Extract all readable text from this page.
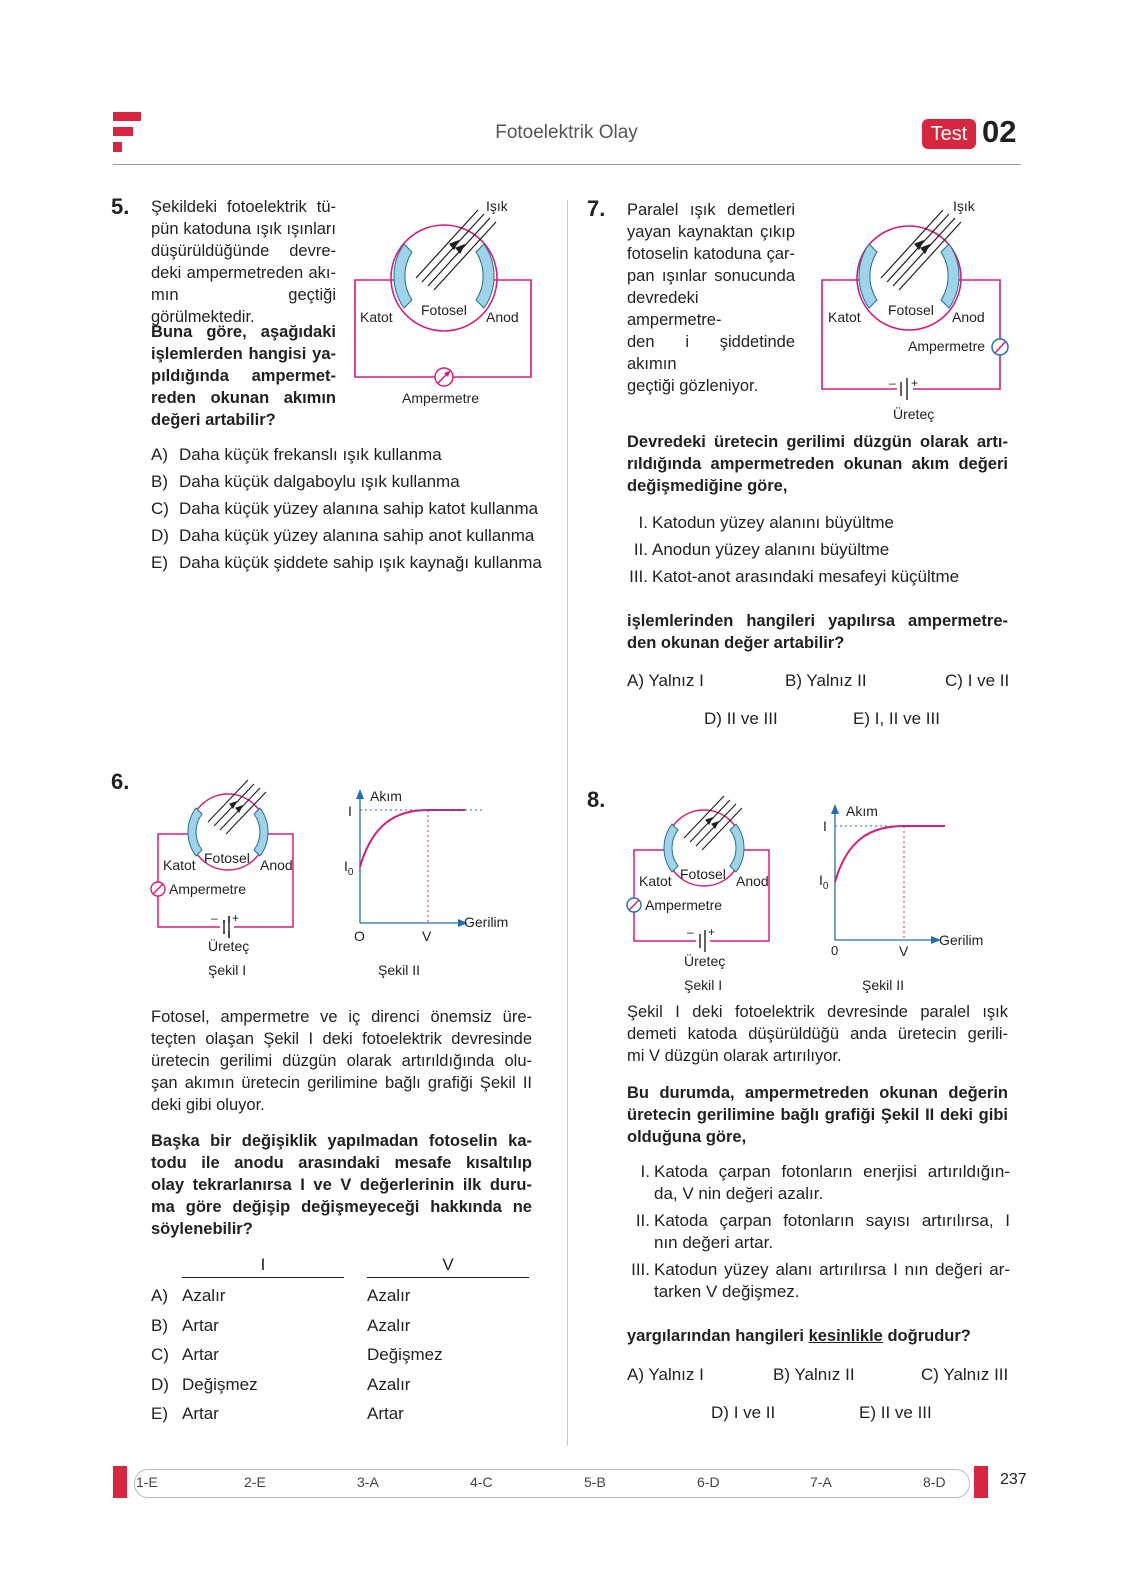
Fotoelektrik Olay	Test 02
5. Şekildeki fotoelektrik tü-
pün katoduna ışık ışınları
düşürüldüğünde devre-
deki ampermetreden akı-
mın geçtiği görülmektedir.
Buna göre, aşağıdaki
işlemlerden hangisi ya-
pıldığında ampermet-
reden okunan akımın
değeri artabilir?
Işık
Katot Fotosel Anod
Ampermetre
A) Daha küçük frekanslı ışık kullanma
B) Daha küçük dalgaboylu ışık kullanma
C) Daha küçük yüzey alanına sahip katot kullanma
D) Daha küçük yüzey alanına sahip anot kullanma
E) Daha küçük şiddete sahip ışık kaynağı kullanma
6.
Katot Fotosel Anod
Ampermetre
– +
Üreteç
Şekil I
Akım
Gerilim
I
$I_0$
O	V
Şekil II
Fotosel, ampermetre ve iç direnci önemsiz üre-
teçten olaşan Şekil I deki fotoelektrik devresinde
üretecin gerilimi düzgün olarak artırıldığında olu-
şan akımın üretecin gerilimine bağlı grafiği Şekil II
deki gibi oluyor.
Başka bir değişiklik yapılmadan fotoselin ka-
todu ile anodu arasındaki mesafe kısaltılıp
olay tekrarlanırsa I ve V değerlerinin ilk duru-
ma göre değişip değişmeyeceği hakkında ne
söylenebilir?
I	V
A) Azalır	Azalır
B) Artar	Azalır
C) Artar	Değişmez
D) Değişmez	Azalır
E) Artar	Artar
7. Paralel ışık demetleri
yayan kaynaktan çıkıp
fotoselin katoduna çar-
pan ışınlar sonucunda
devredeki ampermetre-
den i şiddetinde akımın
geçtiği gözleniyor.
Işık
Katot Fotosel Anod
Ampermetre
– +
Üreteç
Devredeki üretecin gerilimi düzgün olarak artı-
rıldığında ampermetreden okunan akım değeri
değişmediğine göre,
I. Katodun yüzey alanını büyültme
II. Anodun yüzey alanını büyültme
III. Katot-anot arasındaki mesafeyi küçültme
işlemlerinden hangileri yapılırsa ampermetre-
den okunan değer artabilir?
A) Yalnız I	B) Yalnız II	C) I ve II
D) II ve III	E) I, II ve III
8.
Katot Fotosel Anod
Ampermetre
– +
Üreteç
Şekil I
Akım
Gerilim
I
$I_0$
0	V
Şekil II
Şekil I deki fotoelektrik devresinde paralel ışık
demeti katoda düşürüldüğü anda üretecin gerili-
mi V düzgün olarak artırılıyor.
Bu durumda, ampermetreden okunan değerin
üretecin gerilimine bağlı grafiği Şekil II deki gibi
olduğuna göre,
I. Katoda çarpan fotonların enerjisi artırıldığın-
da, V nin değeri azalır.
II. Katoda çarpan fotonların sayısı artırılırsa, I
nın değeri artar.
III. Katodun yüzey alanı artırılırsa I nın değeri ar-
tarken V değişmez.
yargılarından hangileri kesinlikle doğrudur?
A) Yalnız I	B) Yalnız II	C) Yalnız III
D) I ve II	E) II ve III
1-E	2-E	3-A	4-C	5-B	6-D	7-A	8-D	237
